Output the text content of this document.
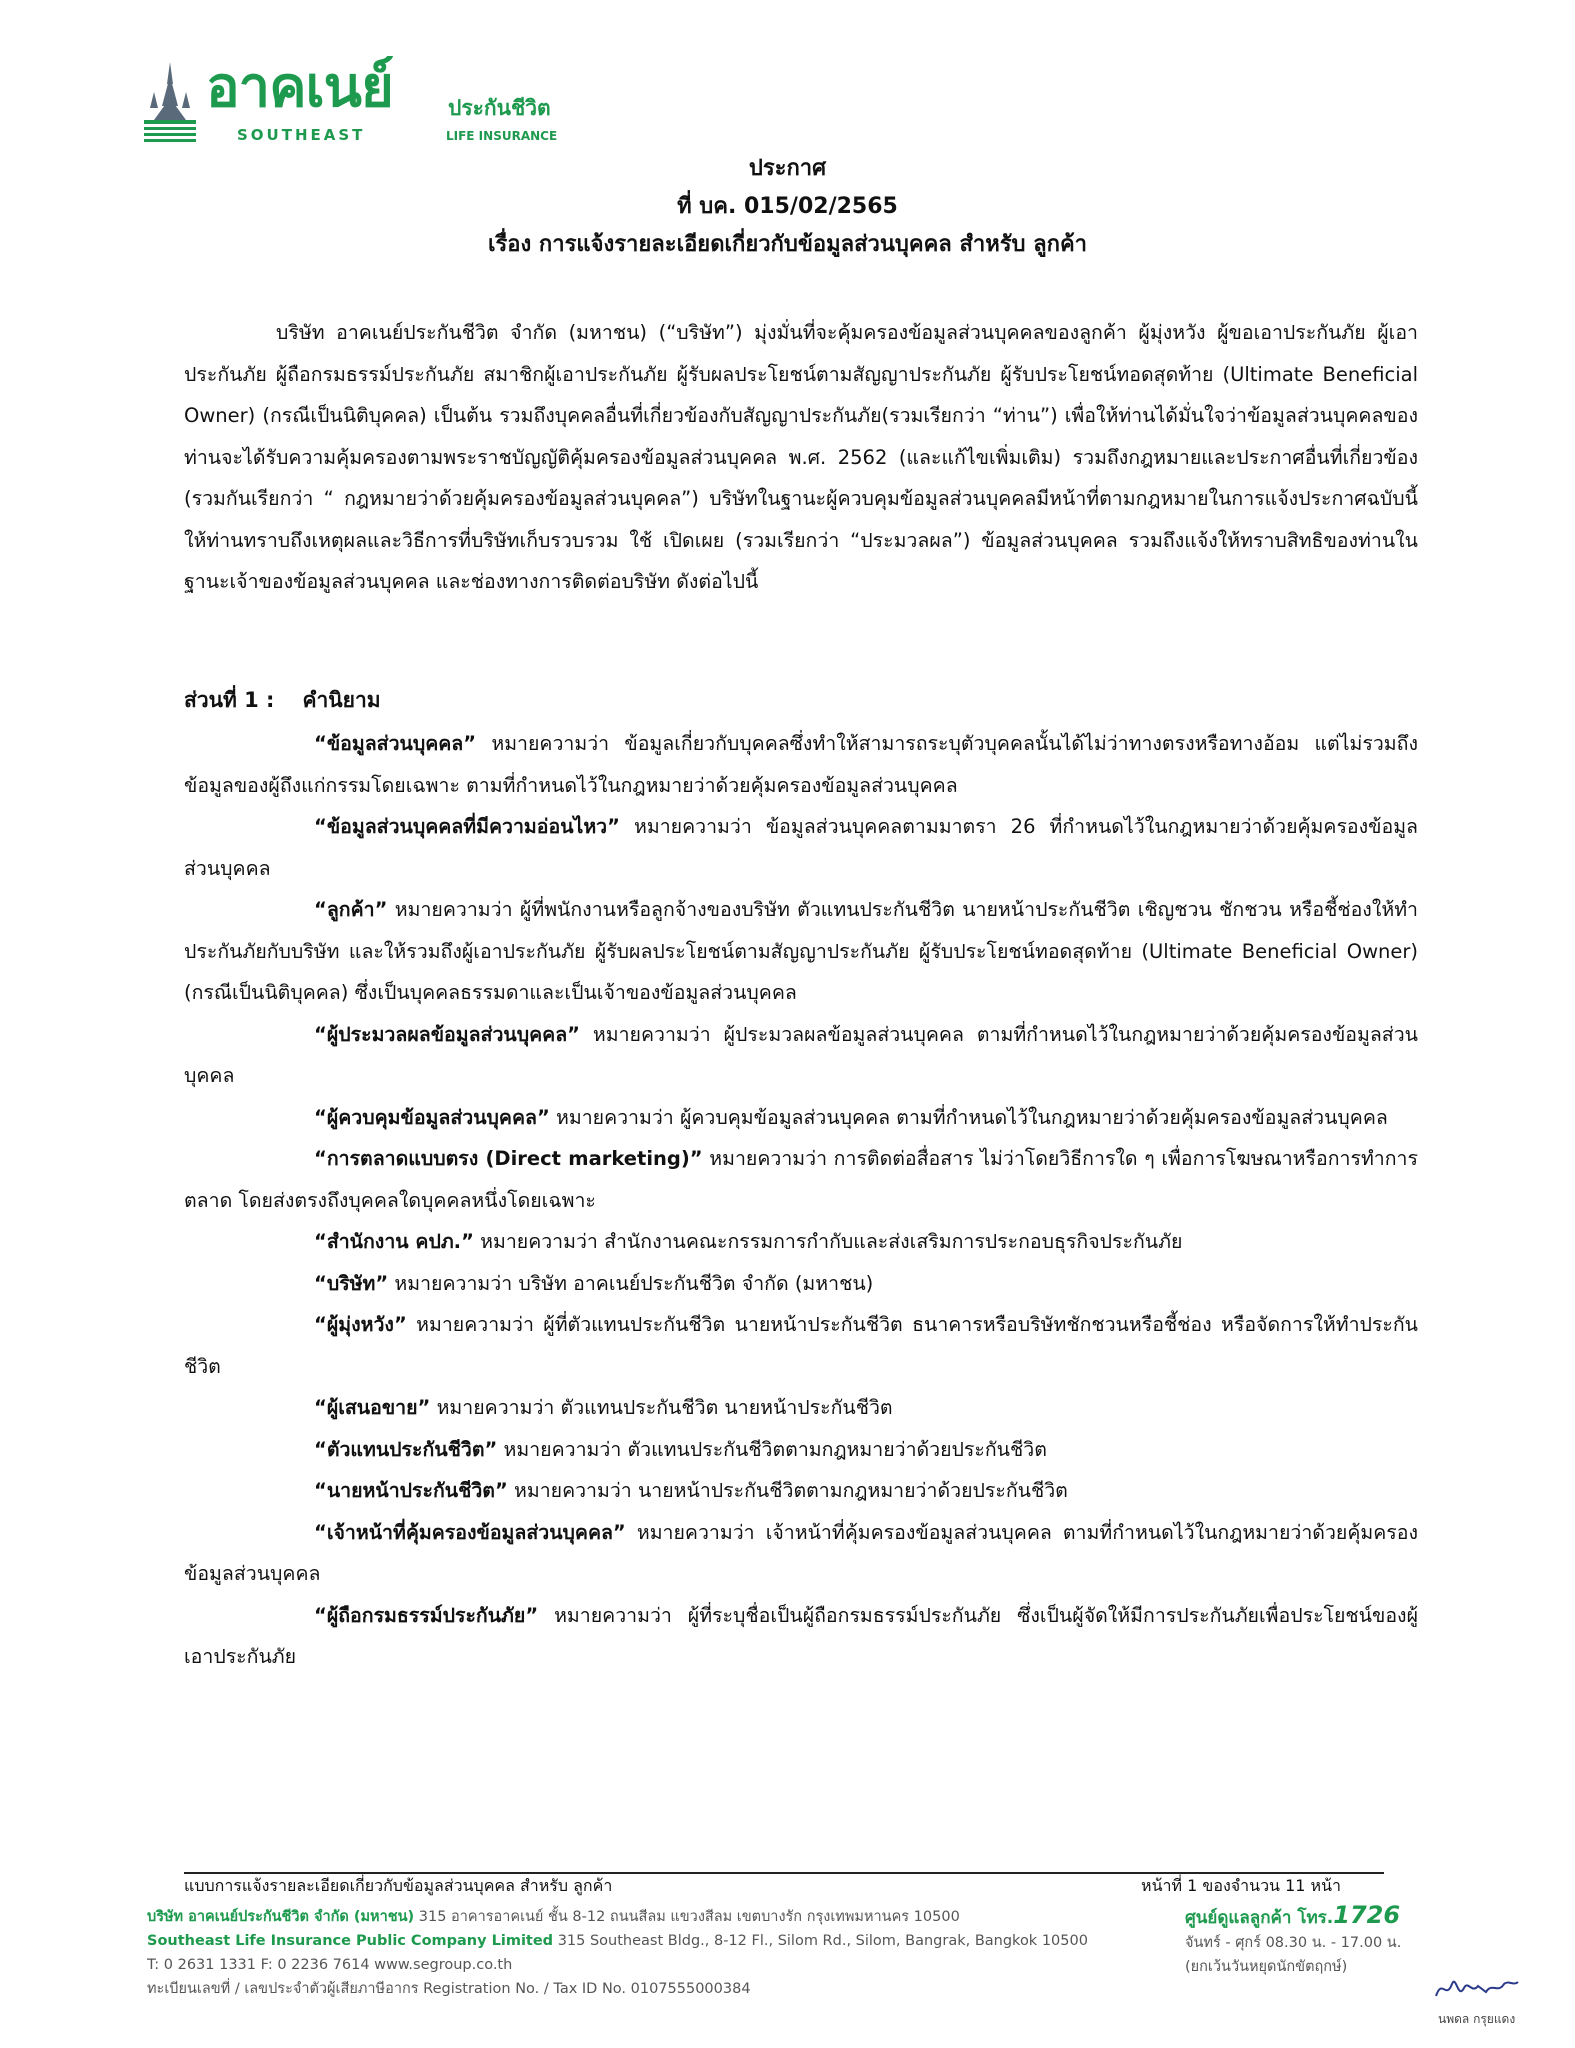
อาคเนย์	ประกันชีวิต
SOUTHEAST	LIFE INSURANCE
ประกาศ
ที่ บค. 015/02/2565
เรื่อง การแจ้งรายละเอียดเกี่ยวกับข้อมูลส่วนบุคคล สำหรับ ลูกค้า

บริษัท อาคเนย์ประกันชีวิต จำกัด (มหาชน) (“บริษัท”) มุ่งมั่นที่จะคุ้มครองข้อมูลส่วนบุคคลของลูกค้า ผู้มุ่งหวัง ผู้ขอเอาประกันภัย ผู้เอาประกันภัย ผู้ถือกรมธรรม์ประกันภัย สมาชิกผู้เอาประกันภัย ผู้รับผลประโยชน์ตามสัญญาประกันภัย ผู้รับประโยชน์ทอดสุดท้าย (Ultimate Beneficial Owner) (กรณีเป็นนิติบุคคล) เป็นต้น รวมถึงบุคคลอื่นที่เกี่ยวข้องกับสัญญาประกันภัย(รวมเรียกว่า “ท่าน”) เพื่อให้ท่านได้มั่นใจว่าข้อมูลส่วนบุคคลของท่านจะได้รับความคุ้มครองตามพระราชบัญญัติคุ้มครองข้อมูลส่วนบุคคล พ.ศ. 2562 (และแก้ไขเพิ่มเติม) รวมถึงกฎหมายและประกาศอื่นที่เกี่ยวข้อง (รวมกันเรียกว่า “ กฎหมายว่าด้วยคุ้มครองข้อมูลส่วนบุคคล”) บริษัทในฐานะผู้ควบคุมข้อมูลส่วนบุคคลมีหน้าที่ตามกฎหมายในการแจ้งประกาศฉบับนี้ให้ท่านทราบถึงเหตุผลและวิธีการที่บริษัทเก็บรวบรวม ใช้ เปิดเผย (รวมเรียกว่า “ประมวลผล”) ข้อมูลส่วนบุคคล รวมถึงแจ้งให้ทราบสิทธิของท่านในฐานะเจ้าของข้อมูลส่วนบุคคล และช่องทางการติดต่อบริษัท ดังต่อไปนี้

ส่วนที่ 1 : คำนิยาม

“ข้อมูลส่วนบุคคล” หมายความว่า ข้อมูลเกี่ยวกับบุคคลซึ่งทำให้สามารถระบุตัวบุคคลนั้นได้ไม่ว่าทางตรงหรือทางอ้อม แต่ไม่รวมถึงข้อมูลของผู้ถึงแก่กรรมโดยเฉพาะ ตามที่กำหนดไว้ในกฎหมายว่าด้วยคุ้มครองข้อมูลส่วนบุคคล

“ข้อมูลส่วนบุคคลที่มีความอ่อนไหว” หมายความว่า ข้อมูลส่วนบุคคลตามมาตรา 26 ที่กำหนดไว้ในกฎหมายว่าด้วยคุ้มครองข้อมูลส่วนบุคคล

“ลูกค้า” หมายความว่า ผู้ที่พนักงานหรือลูกจ้างของบริษัท ตัวแทนประกันชีวิต นายหน้าประกันชีวิต เชิญชวน ชักชวน หรือชี้ช่องให้ทำประกันภัยกับบริษัท และให้รวมถึงผู้เอาประกันภัย ผู้รับผลประโยชน์ตามสัญญาประกันภัย ผู้รับประโยชน์ทอดสุดท้าย (Ultimate Beneficial Owner) (กรณีเป็นนิติบุคคล) ซึ่งเป็นบุคคลธรรมดาและเป็นเจ้าของข้อมูลส่วนบุคคล

“ผู้ประมวลผลข้อมูลส่วนบุคคล” หมายความว่า ผู้ประมวลผลข้อมูลส่วนบุคคล ตามที่กำหนดไว้ในกฎหมายว่าด้วยคุ้มครองข้อมูลส่วนบุคคล

“ผู้ควบคุมข้อมูลส่วนบุคคล” หมายความว่า ผู้ควบคุมข้อมูลส่วนบุคคล ตามที่กำหนดไว้ในกฎหมายว่าด้วยคุ้มครองข้อมูลส่วนบุคคล

“การตลาดแบบตรง (Direct marketing)” หมายความว่า การติดต่อสื่อสาร ไม่ว่าโดยวิธีการใด ๆ เพื่อการโฆษณาหรือการทำการตลาด โดยส่งตรงถึงบุคคลใดบุคคลหนึ่งโดยเฉพาะ

“สำนักงาน คปภ.” หมายความว่า สำนักงานคณะกรรมการกำกับและส่งเสริมการประกอบธุรกิจประกันภัย

“บริษัท” หมายความว่า บริษัท อาคเนย์ประกันชีวิต จำกัด (มหาชน)

“ผู้มุ่งหวัง” หมายความว่า ผู้ที่ตัวแทนประกันชีวิต นายหน้าประกันชีวิต ธนาคารหรือบริษัทชักชวนหรือชี้ช่อง หรือจัดการให้ทำประกันชีวิต

“ผู้เสนอขาย” หมายความว่า ตัวแทนประกันชีวิต นายหน้าประกันชีวิต

“ตัวแทนประกันชีวิต” หมายความว่า ตัวแทนประกันชีวิตตามกฎหมายว่าด้วยประกันชีวิต

“นายหน้าประกันชีวิต” หมายความว่า นายหน้าประกันชีวิตตามกฎหมายว่าด้วยประกันชีวิต

“เจ้าหน้าที่คุ้มครองข้อมูลส่วนบุคคล” หมายความว่า เจ้าหน้าที่คุ้มครองข้อมูลส่วนบุคคล ตามที่กำหนดไว้ในกฎหมายว่าด้วยคุ้มครองข้อมูลส่วนบุคคล

“ผู้ถือกรมธรรม์ประกันภัย” หมายความว่า ผู้ที่ระบุชื่อเป็นผู้ถือกรมธรรม์ประกันภัย ซึ่งเป็นผู้จัดให้มีการประกันภัยเพื่อประโยชน์ของผู้เอาประกันภัย

แบบการแจ้งรายละเอียดเกี่ยวกับข้อมูลส่วนบุคคล สำหรับ ลูกค้า	หน้าที่ 1 ของจำนวน 11 หน้า
บริษัท อาคเนย์ประกันชีวิต จำกัด (มหาชน) 315 อาคารอาคเนย์ ชั้น 8-12 ถนนสีลม แขวงสีลม เขตบางรัก กรุงเทพมหานคร 10500
Southeast Life Insurance Public Company Limited 315 Southeast Bldg., 8-12 Fl., Silom Rd., Silom, Bangrak, Bangkok 10500
T: 0 2631 1331 F: 0 2236 7614 www.segroup.co.th
ทะเบียนเลขที่ / เลขประจำตัวผู้เสียภาษีอากร Registration No. / Tax ID No. 0107555000384
ศูนย์ดูแลลูกค้า โทร.1726
จันทร์ - ศุกร์ 08.30 น. - 17.00 น.
(ยกเว้นวันหยุดนักขัตฤกษ์)
นพดล กรุยแดง
